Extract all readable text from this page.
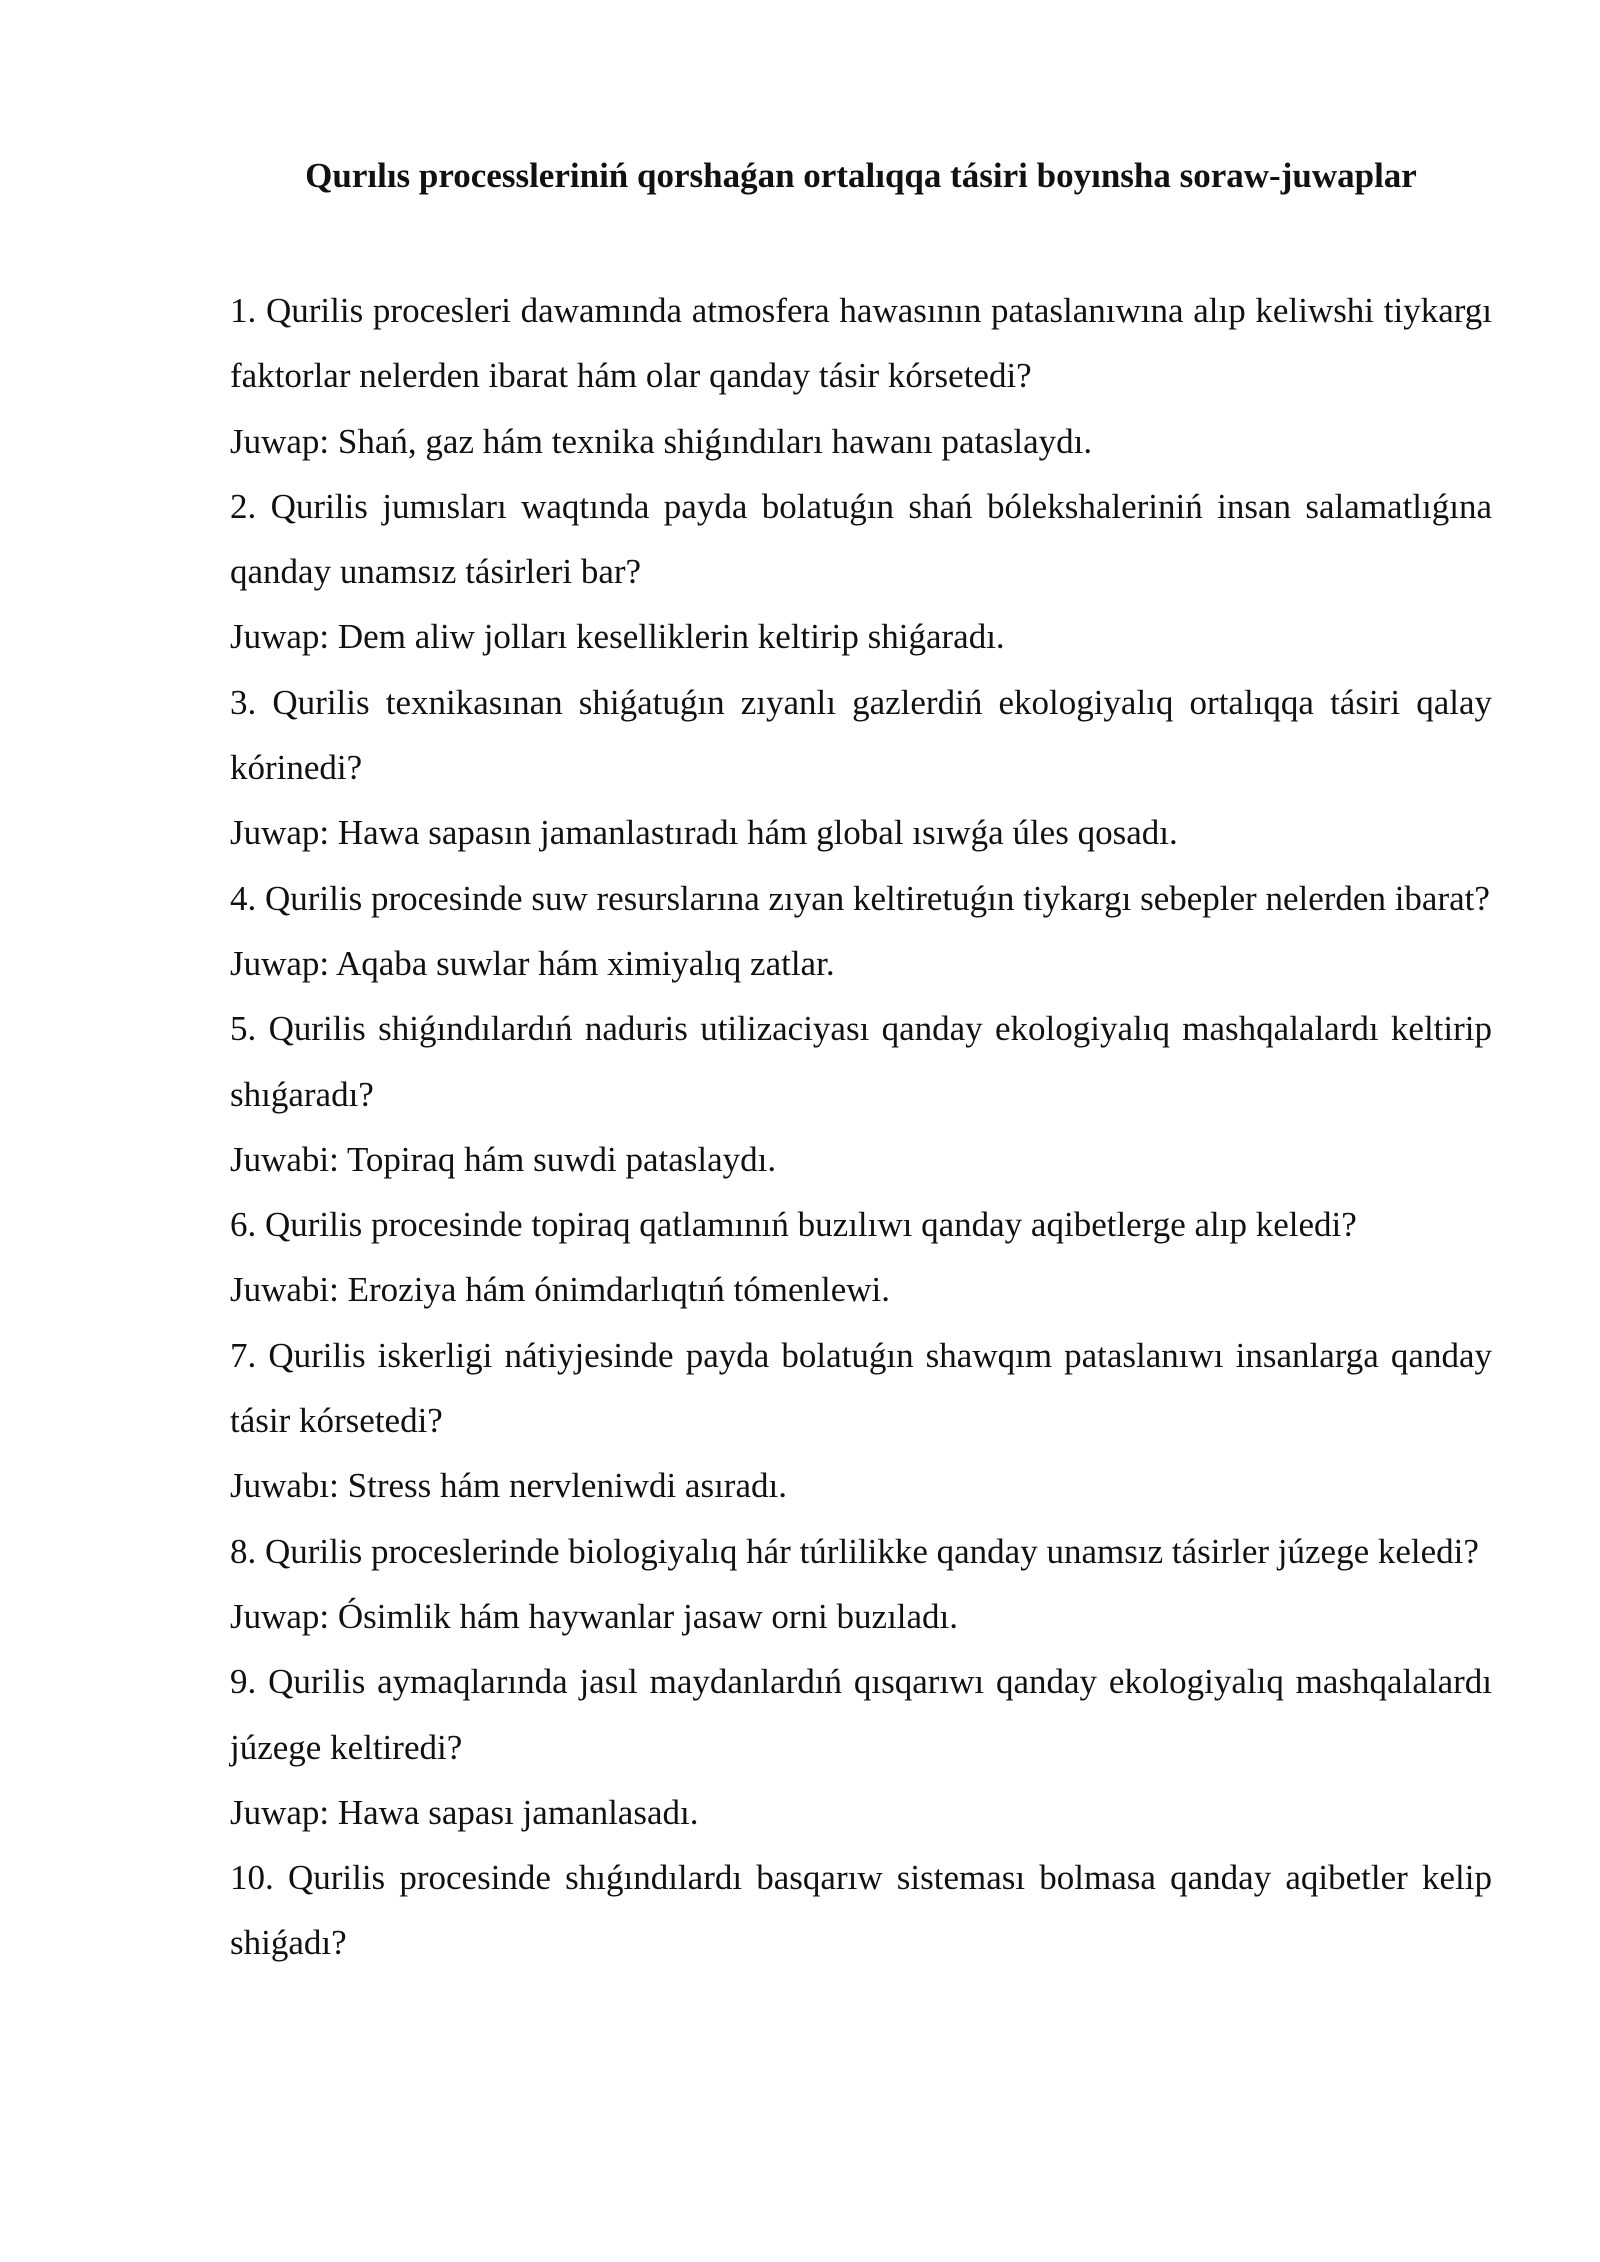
Qurılıs processleriniń qorshaǵan ortalıqqa tásiri boyınsha soraw-juwaplar

1. Qurilis procesleri dawamında atmosfera hawasının pataslanıwına alıp keliwshi tiykargı faktorlar nelerden ibarat hám olar qanday tásir kórsetedi?

Juwap: Shań, gaz hám texnika shiǵındıları hawanı pataslaydı.

2. Qurilis jumısları waqtında payda bolatuǵın shań bólekshaleriniń insan salamatlıǵına qanday unamsız tásirleri bar?

Juwap: Dem aliw jolları keselliklerin keltirip shiǵaradı.

3. Qurilis texnikasınan shiǵatuǵın zıyanlı gazlerdiń ekologiyalıq ortalıqqa tásiri qalay kórinedi?

Juwap: Hawa sapasın jamanlastıradı hám global ısıwǵa úles qosadı.

4. Qurilis procesinde suw resurslarına zıyan keltiretuǵın tiykargı sebepler nelerden ibarat?

Juwap: Aqaba suwlar hám ximiyalıq zatlar.

5. Qurilis shiǵındılardıń naduris utilizaciyası qanday ekologiyalıq mashqalalardı keltirip shıǵaradı?

Juwabi: Topiraq hám suwdi pataslaydı.

6. Qurilis procesinde topiraq qatlamınıń buzılıwı qanday aqibetlerge alıp keledi?

Juwabi: Eroziya hám ónimdarlıqtıń tómenlewi.

7. Qurilis iskerligi nátiyjesinde payda bolatuǵın shawqım pataslanıwı insanlarga qanday tásir kórsetedi?

Juwabı: Stress hám nervleniwdi asıradı.

8. Qurilis proceslerinde biologiyalıq hár túrlilikke qanday unamsız tásirler júzege keledi?

Juwap: Ósimlik hám haywanlar jasaw orni buzıladı.

9. Qurilis aymaqlarında jasıl maydanlardıń qısqarıwı qanday ekologiyalıq mashqalalardı júzege keltiredi?

Juwap: Hawa sapası jamanlasadı.

10. Qurilis procesinde shıǵındılardı basqarıw sisteması bolmasa qanday aqibetler kelip shiǵadı?
